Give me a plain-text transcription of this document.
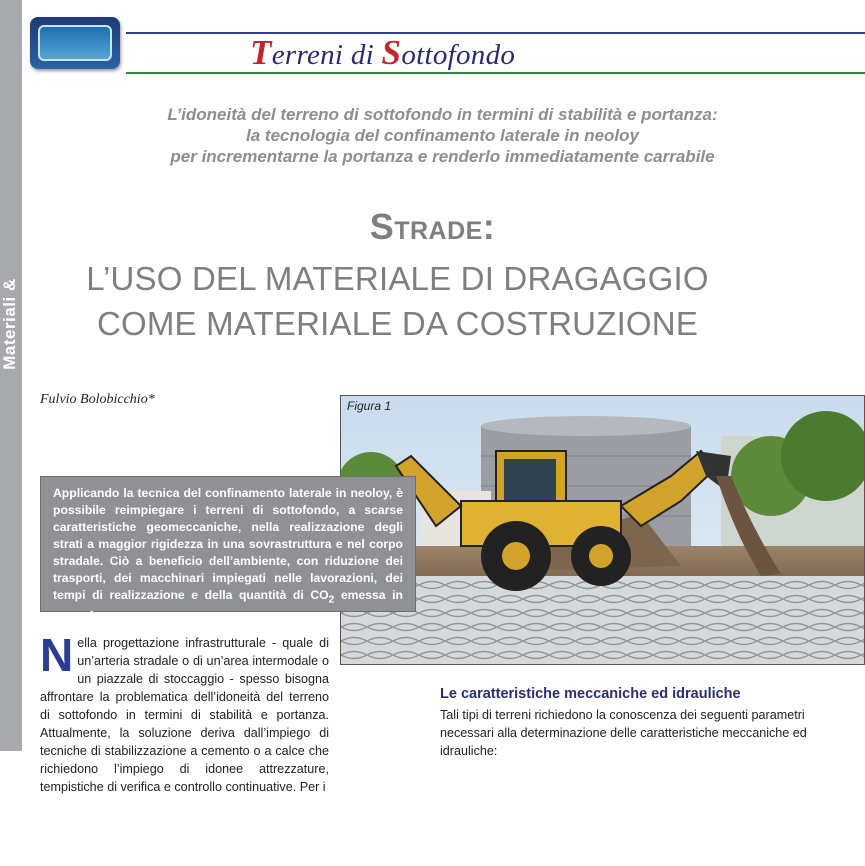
Materiali & Inerti
Terreni di Sottofondo
L’idoneità del terreno di sottofondo in termini di stabilità e portanza:
la tecnologia del confinamento laterale in neoloy
per incrementarne la portanza e renderlo immediatamente carrabile
Strade:
L’USO DEL MATERIALE DI DRAGAGGIO
COME MATERIALE DA COSTRUZIONE
Fulvio Bolobicchio*	Figura 1
Applicando la tecnica del confinamento laterale in neoloy, è possibile reimpiegare i terreni di sottofondo, a scarse caratteristiche geomeccaniche, nella realizzazione degli strati a maggior rigidezza in una sovrastruttura e nel corpo stradale. Ciò a beneficio dell’ambiente, con riduzione dei trasporti, dei macchinari impiegati nelle lavorazioni, dei tempi di realizzazione e della quantità di $CO_2$ emessa in atmosfera.
Nella progettazione infrastrutturale - quale di un’arteria stradale o di un’area intermodale o un piazzale di stoccaggio - spesso bisogna affrontare la problematica dell’idoneità del terreno di sottofondo in termini di stabilità e portanza. Attualmente, la soluzione deriva dall’impiego di tecniche di stabilizzazione a cemento o a calce che richiedono l’impiego di idonee attrezzature, tempistiche di verifica e controllo continuative. Per i
Le caratteristiche meccaniche ed idrauliche
Tali tipi di terreni richiedono la conoscenza dei seguenti parametri necessari alla determinazione delle caratteristiche meccaniche ed idrauliche:
